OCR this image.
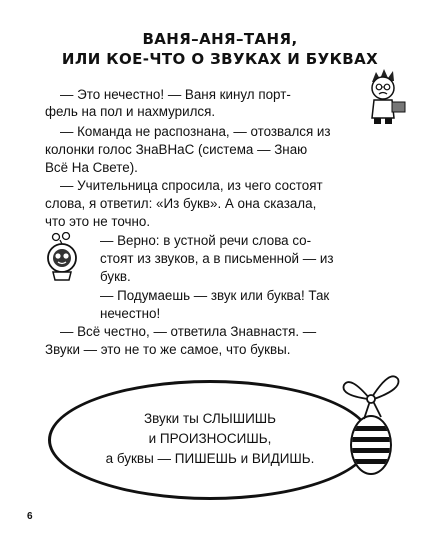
ВАНЯ–АНЯ–ТАНЯ,
ИЛИ КОЕ-ЧТО О ЗВУКАХ И БУКВАХ
— Это нечестно! — Ваня кинул порт-
фель на пол и нахмурился.
— Команда не распознана, — отозвался из
колонки голос ЗнаВНаС (система — Знаю
Всё На Свете).
— Учительница спросила, из чего состоят
слова, я ответил: «Из букв». А она сказала,
что это не точно.
— Верно: в устной речи слова со-
стоят из звуков, а в письменной — из
букв.
— Подумаешь — звук или буква! Так
нечестно!
— Всё честно, — ответила Знавнастя. —
Звуки — это не то же самое, что буквы.
Звуки ты СЛЫШИШЬ
и ПРОИЗНОСИШЬ,
а буквы — ПИШЕШЬ и ВИДИШЬ.
6
